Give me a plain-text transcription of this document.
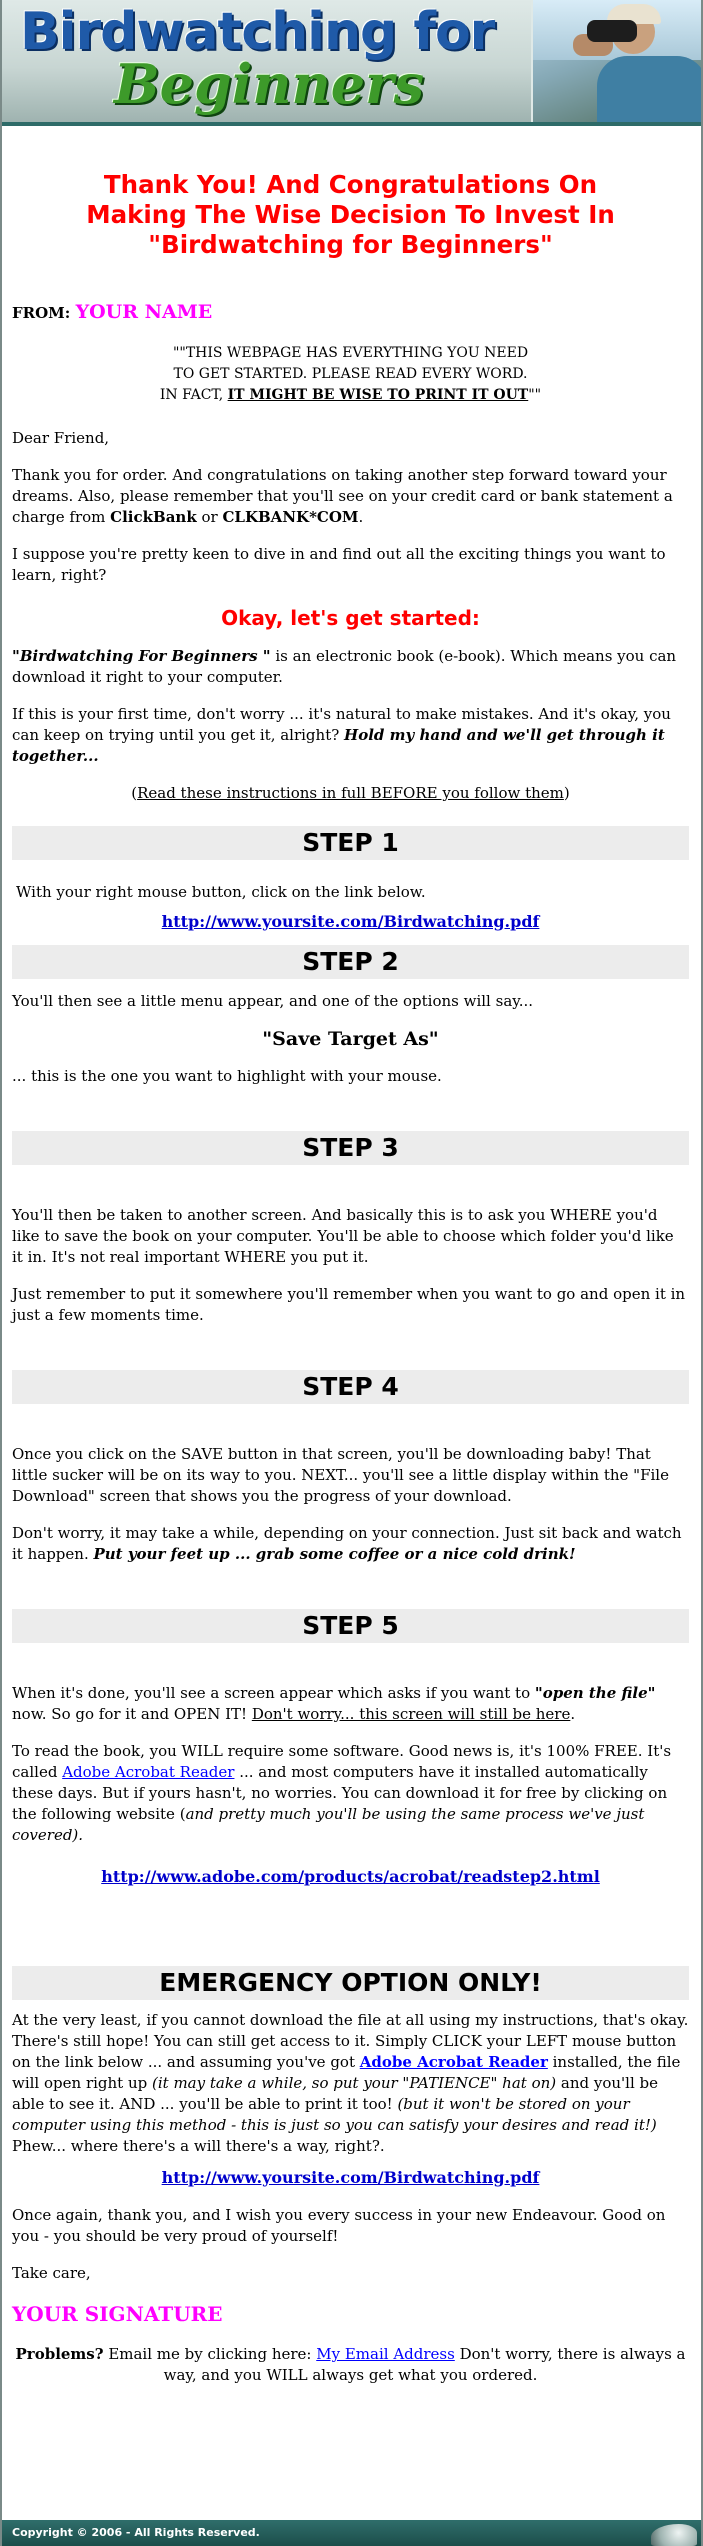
Birdwatching for
Beginners
Thank You! And Congratulations On
Making The Wise Decision To Invest In
"Birdwatching for Beginners"
FROM: YOUR NAME
""THIS WEBPAGE HAS EVERYTHING YOU NEED
TO GET STARTED. PLEASE READ EVERY WORD.
IN FACT, IT MIGHT BE WISE TO PRINT IT OUT""

Dear Friend,

Thank you for order. And congratulations on taking another step forward toward your dreams. Also, please remember that you'll see on your credit card or bank statement a charge from ClickBank or CLKBANK*COM.

I suppose you're pretty keen to dive in and find out all the exciting things you want to learn, right?

Okay, let's get started:

"Birdwatching For Beginners " is an electronic book (e-book). Which means you can download it right to your computer.

If this is your first time, don't worry ... it's natural to make mistakes. And it's okay, you can keep on trying until you get it, alright? Hold my hand and we'll get through it together...

(Read these instructions in full BEFORE you follow them)

STEP 1

With your right mouse button, click on the link below.

http://www.yoursite.com/Birdwatching.pdf

STEP 2

You'll then see a little menu appear, and one of the options will say...

"Save Target As"

... this is the one you want to highlight with your mouse.

STEP 3

You'll then be taken to another screen. And basically this is to ask you WHERE you'd like to save the book on your computer. You'll be able to choose which folder you'd like it in. It's not real important WHERE you put it.

Just remember to put it somewhere you'll remember when you want to go and open it in just a few moments time.

STEP 4

Once you click on the SAVE button in that screen, you'll be downloading baby! That little sucker will be on its way to you. NEXT... you'll see a little display within the "File Download" screen that shows you the progress of your download.

Don't worry, it may take a while, depending on your connection. Just sit back and watch it happen. Put your feet up ... grab some coffee or a nice cold drink!

STEP 5

When it's done, you'll see a screen appear which asks if you want to "open the file" now. So go for it and OPEN IT! Don't worry... this screen will still be here.

To read the book, you WILL require some software. Good news is, it's 100% FREE. It's called Adobe Acrobat Reader ... and most computers have it installed automatically these days. But if yours hasn't, no worries. You can download it for free by clicking on the following website (and pretty much you'll be using the same process we've just covered).

http://www.adobe.com/products/acrobat/readstep2.html

EMERGENCY OPTION ONLY!

At the very least, if you cannot download the file at all using my instructions, that's okay. There's still hope! You can still get access to it. Simply CLICK your LEFT mouse button on the link below ... and assuming you've got Adobe Acrobat Reader installed, the file will open right up (it may take a while, so put your "PATIENCE" hat on) and you'll be able to see it. AND ... you'll be able to print it too! (but it won't be stored on your computer using this method - this is just so you can satisfy your desires and read it!) Phew... where there's a will there's a way, right?.

http://www.yoursite.com/Birdwatching.pdf

Once again, thank you, and I wish you every success in your new Endeavour. Good on you - you should be very proud of yourself!

Take care,

YOUR SIGNATURE

Problems? Email me by clicking here: My Email Address Don't worry, there is always a way, and you WILL always get what you ordered.

Copyright © 2006 - All Rights Reserved.
